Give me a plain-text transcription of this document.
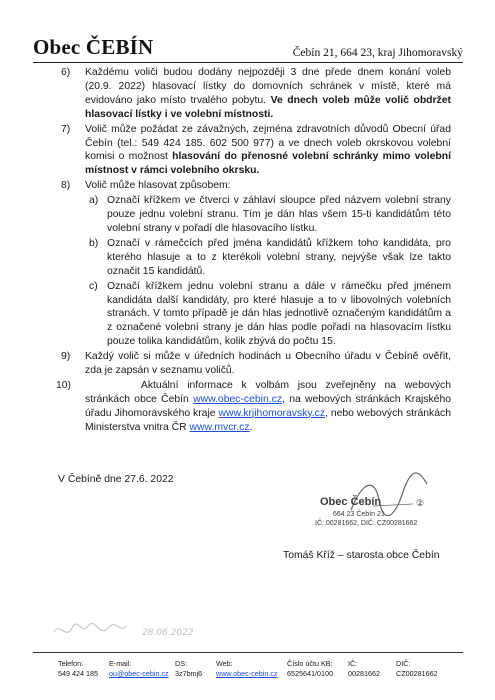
Obec ČEBÍN	Čebín 21, 664 23, kraj Jihomoravský
6) Každému voliči budou dodány nejpozději 3 dne přede dnem konání voleb (20.9. 2022) hlasovací lístky do domovních schránek v místě, které má evidováno jako místo trvalého pobytu. Ve dnech voleb může volič obdržet hlasovací lístky i ve volební místnosti.
7) Volič může požádat ze závažných, zejména zdravotních důvodů Obecní úřad Čebín (tel.: 549 424 185. 602 500 977) a ve dnech voleb okrskovou volební komisi o možnost hlasování do přenosné volební schránky mimo volební místnost v rámci volebního okrsku.
8) Volič může hlasovat způsobem:
a) Označí křížkem ve čtverci v záhlaví sloupce před názvem volební strany pouze jednu volební stranu. Tím je dán hlas všem 15-ti kandidátům této volební strany v pořadí dle hlasovacího lístku.
b) Označí v rámečcích před jména kandidátů křížkem toho kandidáta, pro kterého hlasuje a to z kterékoli volební strany, nejvýše však lze takto označit 15 kandidátů.
c) Označí křížkem jednu volební stranu a dále v rámečku před jménem kandidáta další kandidáty, pro které hlasuje a to v libovolných volebních stranách. V tomto případě je dán hlas jednotlivě označeným kandidátům a z označené volební strany je dán hlas podle pořadí na hlasovacím lístku pouze tolika kandidátům, kolik zbývá do počtu 15.
9) Každý volič si může v úředních hodinách u Obecního úřadu v Čebíně ověřit, zda je zapsán v seznamu voličů.
10)	Aktuální informace k volbám jsou zveřejněny na webových
stránkách obce Čebín www.obec-cebin.cz, na webových stránkách Krajského úřadu Jihomoravského kraje www.krjihomoravsky.cz, nebo webových stránkách Ministerstva vnitra ČR www.mvcr.cz.
V Čebíně dne 27.6. 2022
Obec Čebín	②
664 23 Čebín 21
IČ: 00281662, DIČ: CZ00281662
Tomáš Kříž – starosta obce Čebín
28.06.2022
Telefon:
549 424 185
E-mail:
ou@obec-cebin.cz
DS:
3z7bmj6
Web:
www.obec-cebin.cz
Číslo účtu KB:
6525641/0100
IČ:
00281662
DIČ:
CZ00281662
